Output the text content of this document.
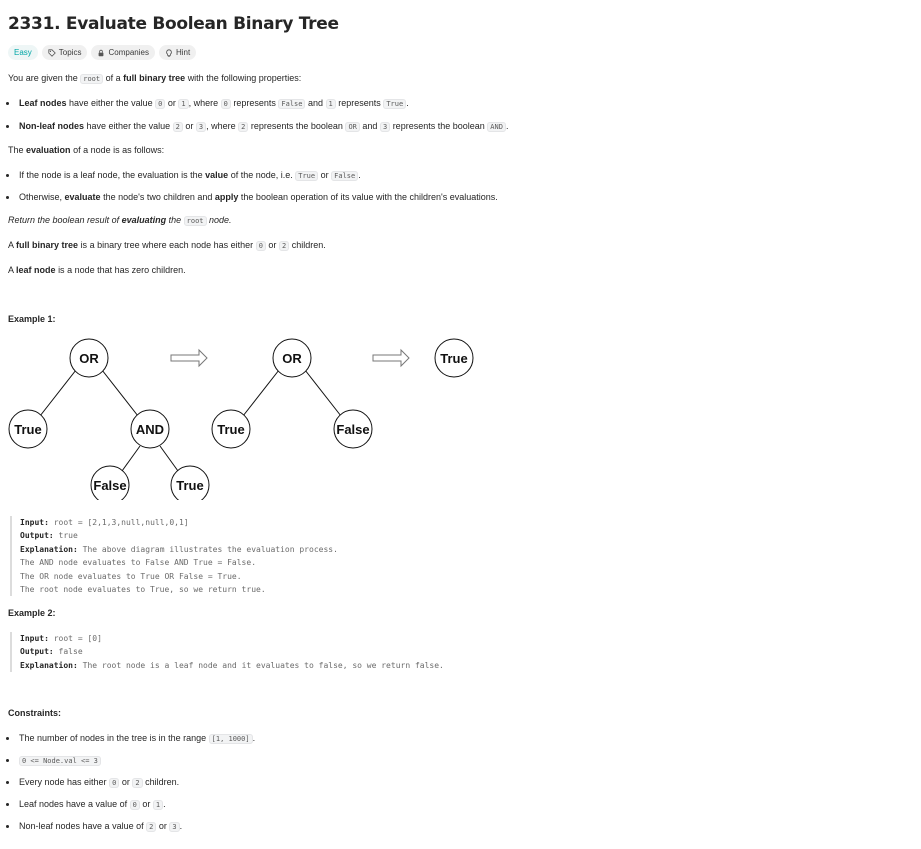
2331. Evaluate Boolean Binary Tree
Easy	Topics	Companies	Hint
You are given the root of a full binary tree with the following properties:
Leaf nodes have either the value 0 or 1 , where 0 represents False and 1 represents True .
Non-leaf nodes have either the value 2 or 3 , where 2 represents the boolean OR and 3 represents the boolean AND .
The evaluation of a node is as follows:
If the node is a leaf node, the evaluation is the value of the node, i.e. True or False .
Otherwise, evaluate the node's two children and apply the boolean operation of its value with the children's evaluations.
Return the boolean result of evaluating the root node.
A full binary tree is a binary tree where each node has either 0 or 2 children.
A leaf node is a node that has zero children.
Example 1:
OR
True	AND
False	True
OR
True	False
True
Input: root = [2,1,3,null,null,0,1]
Output: true
Explanation: The above diagram illustrates the evaluation process.
The AND node evaluates to False AND True = False.
The OR node evaluates to True OR False = True.
The root node evaluates to True, so we return true.
Example 2:
Input: root = [0]
Output: false
Explanation: The root node is a leaf node and it evaluates to false, so we return false.
Constraints:
The number of nodes in the tree is in the range [1, 1000] .
0 <= Node.val <= 3
Every node has either 0 or 2 children.
Leaf nodes have a value of 0 or 1 .
Non-leaf nodes have a value of 2 or 3 .
